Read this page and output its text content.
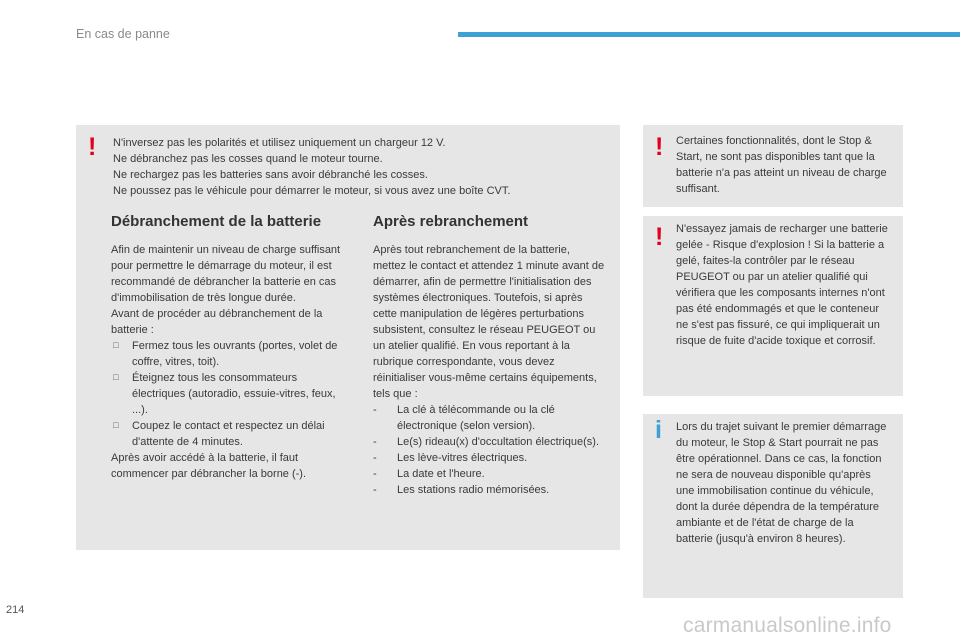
En cas de panne
! N'inversez pas les polarités et utilisez uniquement un chargeur 12 V.
Ne débranchez pas les cosses quand le moteur tourne.
Ne rechargez pas les batteries sans avoir débranché les cosses.
Ne poussez pas le véhicule pour démarrer le moteur, si vous avez une boîte CVT.
Débranchement de la batterie

Afin de maintenir un niveau de charge suffisant pour permettre le démarrage du moteur, il est recommandé de débrancher la batterie en cas d'immobilisation de très longue durée.

Avant de procéder au débranchement de la batterie :

□ Fermez tous les ouvrants (portes, volet de coffre, vitres, toit).
□ Éteignez tous les consommateurs électriques (autoradio, essuie-vitres, feux, ...).
□ Coupez le contact et respectez un délai d'attente de 4 minutes.

Après avoir accédé à la batterie, il faut commencer par débrancher la borne (-).

Après rebranchement

Après tout rebranchement de la batterie, mettez le contact et attendez 1 minute avant de démarrer, afin de permettre l'initialisation des systèmes électroniques. Toutefois, si après cette manipulation de légères perturbations subsistent, consultez le réseau PEUGEOT ou un atelier qualifié. En vous reportant à la rubrique correspondante, vous devez réinitialiser vous-même certains équipements, tels que :

- La clé à télécommande ou la clé électronique (selon version).
- Le(s) rideau(x) d'occultation électrique(s).
- Les lève-vitres électriques.
- La date et l'heure.
- Les stations radio mémorisées.
! Certaines fonctionnalités, dont le Stop & Start, ne sont pas disponibles tant que la batterie n'a pas atteint un niveau de charge suffisant.
! N'essayez jamais de recharger une batterie gelée - Risque d'explosion ! Si la batterie a gelé, faites-la contrôler par le réseau PEUGEOT ou par un atelier qualifié qui vérifiera que les composants internes n'ont pas été endommagés et que le conteneur ne s'est pas fissuré, ce qui impliquerait un risque de fuite d'acide toxique et corrosif.
i Lors du trajet suivant le premier démarrage du moteur, le Stop & Start pourrait ne pas être opérationnel. Dans ce cas, la fonction ne sera de nouveau disponible qu'après une immobilisation continue du véhicule, dont la durée dépendra de la température ambiante et de l'état de charge de la batterie (jusqu'à environ 8 heures).
214
carmanualsonline.info
